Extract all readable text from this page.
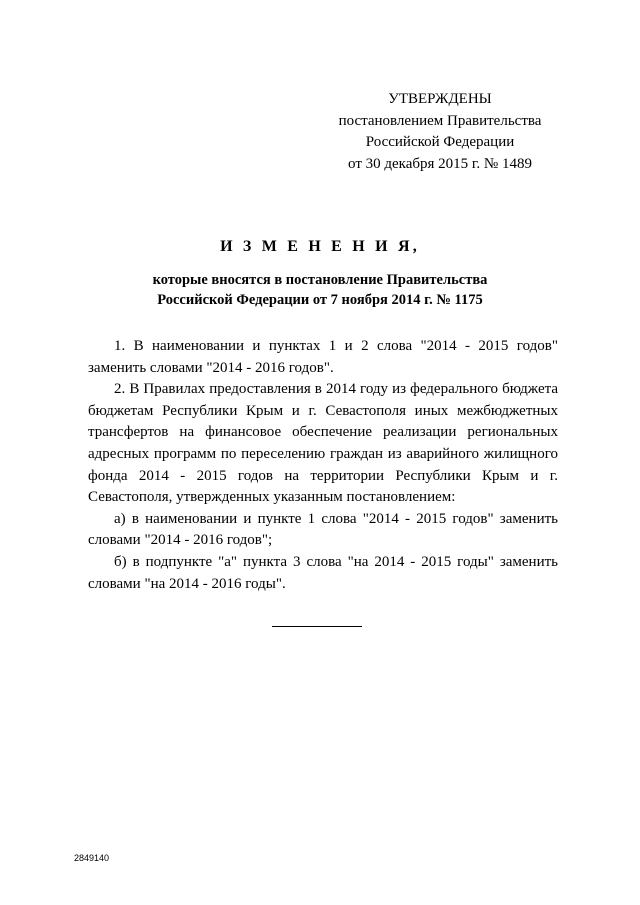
УТВЕРЖДЕНЫ
постановлением Правительства
Российской Федерации
от 30 декабря 2015 г. № 1489
И З М Е Н Е Н И Я,
которые вносятся в постановление Правительства
Российской Федерации от 7 ноября 2014 г. № 1175

1. В наименовании и пунктах 1 и 2 слова "2014 - 2015 годов" заменить словами "2014 - 2016 годов".

2. В Правилах предоставления в 2014 году из федерального бюджета бюджетам Республики Крым и г. Севастополя иных межбюджетных трансфертов на финансовое обеспечение реализации региональных адресных программ по переселению граждан из аварийного жилищного фонда 2014 - 2015 годов на территории Республики Крым и г. Севастополя, утвержденных указанным постановлением:

а) в наименовании и пункте 1 слова "2014 - 2015 годов" заменить словами "2014 - 2016 годов";

б) в подпункте "а" пункта 3 слова "на 2014 - 2015 годы" заменить словами "на 2014 - 2016 годы".

2849140
